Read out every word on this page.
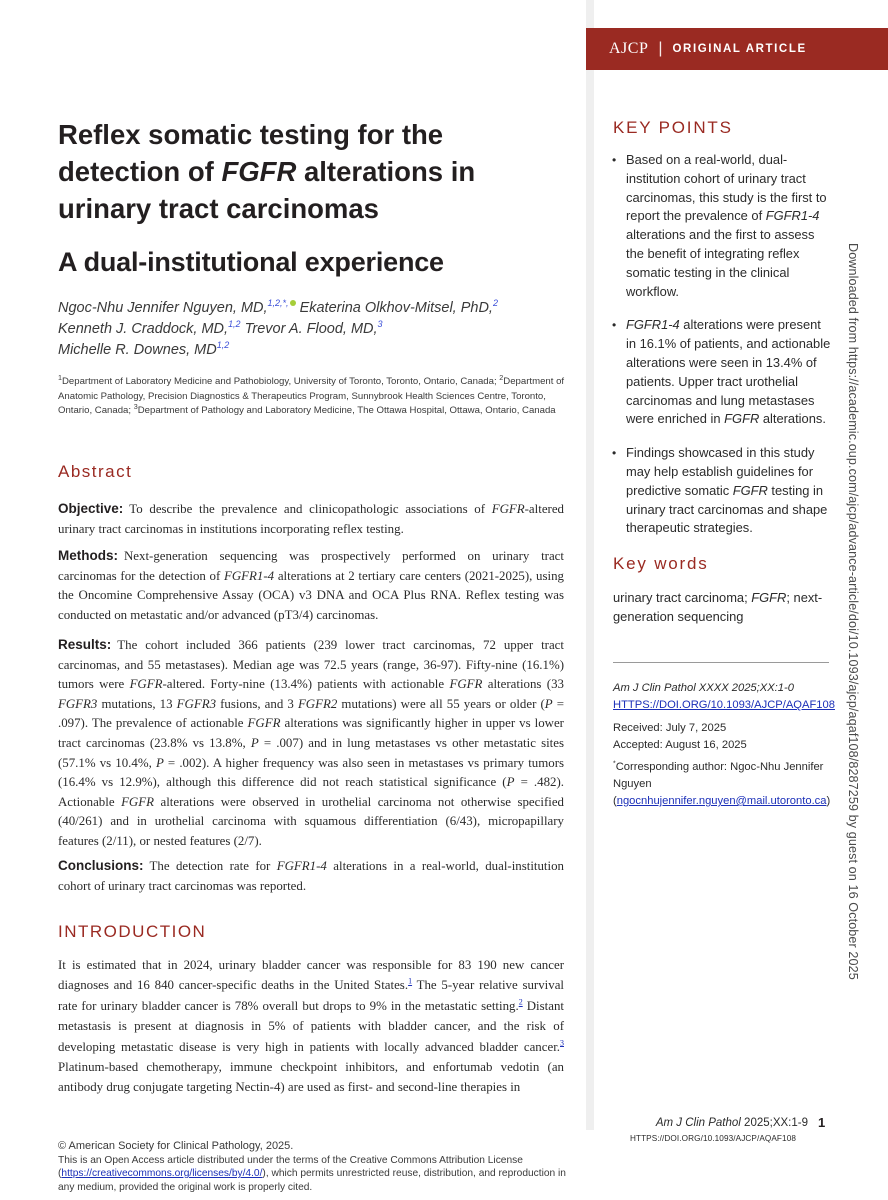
Reflex somatic testing for the detection of FGFR alterations in urinary tract carcinomas
A dual-institutional experience

Ngoc-Nhu Jennifer Nguyen, MD,$^{1,2,*,}$ Ekaterina Olkhov-Mitsel, PhD,$^2$
Kenneth J. Craddock, MD,$^{1,2}$ Trevor A. Flood, MD,$^3$
Michelle R. Downes, MD$^{1,2}$

$^1$Department of Laboratory Medicine and Pathobiology, University of Toronto, Toronto, Ontario, Canada; $^2$Department of Anatomic Pathology, Precision Diagnostics & Therapeutics Program, Sunnybrook Health Sciences Centre, Toronto, Ontario, Canada; $^3$Department of Pathology and Laboratory Medicine, The Ottawa Hospital, Ottawa, Ontario, Canada

Abstract

Objective: To describe the prevalence and clinicopathologic associations of FGFR-altered urinary tract carcinomas in institutions incorporating reflex testing.

Methods: Next-generation sequencing was prospectively performed on urinary tract carcinomas for the detection of FGFR1-4 alterations at 2 tertiary care centers (2021-2025), using the Oncomine Comprehensive Assay (OCA) v3 DNA and OCA Plus RNA. Reflex testing was conducted on metastatic and/or advanced (pT3/4) carcinomas.

Results: The cohort included 366 patients (239 lower tract carcinomas, 72 upper tract carcinomas, and 55 metastases). Median age was 72.5 years (range, 36-97). Fifty-nine (16.1%) tumors were FGFR-altered. Forty-nine (13.4%) patients with actionable FGFR alterations (33 FGFR3 mutations, 13 FGFR3 fusions, and 3 FGFR2 mutations) were all 55 years or older (P = .097). The prevalence of actionable FGFR alterations was significantly higher in upper vs lower tract carcinomas (23.8% vs 13.8%, P = .007) and in lung metastases vs other metastatic sites (57.1% vs 10.4%, P = .002). A higher frequency was also seen in metastases vs primary tumors (16.4% vs 12.9%), although this difference did not reach statistical significance (P = .482). Actionable FGFR alterations were observed in urothelial carcinoma not otherwise specified (40/261) and in urothelial carcinoma with squamous differentiation (6/43), micropapillary features (2/11), or nested features (2/7).

Conclusions: The detection rate for FGFR1-4 alterations in a real-world, dual-institution cohort of urinary tract carcinomas was reported.

INTRODUCTION

It is estimated that in 2024, urinary bladder cancer was responsible for 83 190 new cancer diagnoses and 16 840 cancer-specific deaths in the United States.$^1$ The 5-year relative survival rate for urinary bladder cancer is 78% overall but drops to 9% in the metastatic setting.$^2$ Distant metastasis is present at diagnosis in 5% of patients with bladder cancer, and the risk of developing metastatic disease is very high in patients with locally advanced bladder cancer.$^3$ Platinum-based chemotherapy, immune checkpoint inhibitors, and enfortumab vedotin (an antibody drug conjugate targeting Nectin-4) are used as first- and second-line therapies in

© American Society for Clinical Pathology, 2025.
This is an Open Access article distributed under the terms of the Creative Commons Attribution License (https://creativecommons.org/licenses/by/4.0/), which permits unrestricted reuse, distribution, and reproduction in any medium, provided the original work is properly cited.

AJCP | ORIGINAL ARTICLE
KEY POINTS
• Based on a real-world, dual-institution cohort of urinary tract carcinomas, this study is the first to report the prevalence of FGFR1-4 alterations and the first to assess the benefit of integrating reflex somatic testing in the clinical workflow.
• FGFR1-4 alterations were present in 16.1% of patients, and actionable alterations were seen in 13.4% of patients. Upper tract urothelial carcinomas and lung metastases were enriched in FGFR alterations.
• Findings showcased in this study may help establish guidelines for predictive somatic FGFR testing in urinary tract carcinomas and shape therapeutic strategies.
Key words

urinary tract carcinoma; FGFR; next-generation sequencing

Am J Clin Pathol XXXX 2025;XX:1-0

HTTPS://DOI.ORG/10.1093/AJCP/AQAF108

Received: July 7, 2025

Accepted: August 16, 2025

*Corresponding author: Ngoc-Nhu Jennifer Nguyen (ngocnhujennifer.nguyen@mail.utoronto.ca)	Downloaded from https://academic.oup.com/ajcp/advance-article/doi/10.1093/ajcp/aqaf108/8287259 by guest on 16 October 2025

Am J Clin Pathol 2025;XX:1-9 1

HTTPS://DOI.ORG/10.1093/AJCP/AQAF108
